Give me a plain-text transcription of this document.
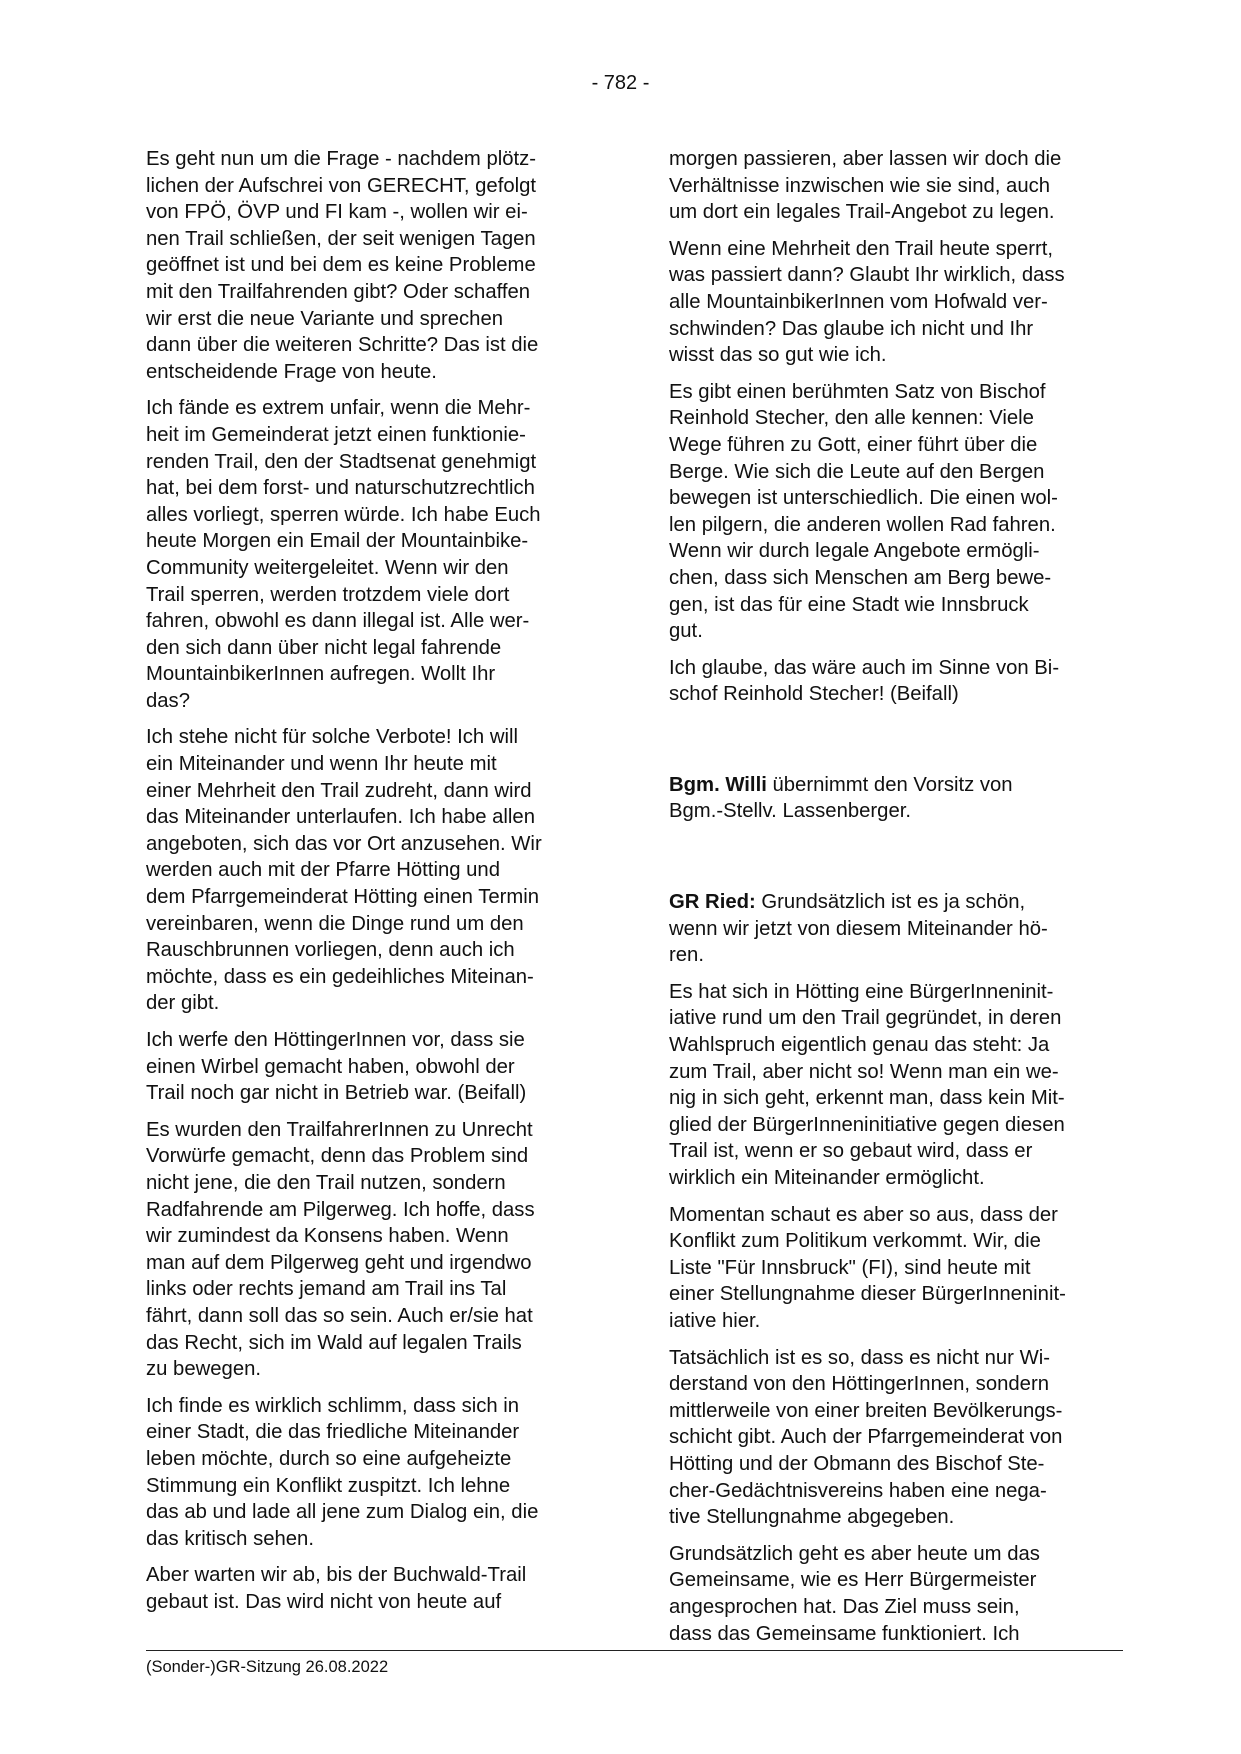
- 782 -

Es geht nun um die Frage - nachdem plötz-
lichen der Aufschrei von GERECHT, gefolgt
von FPÖ, ÖVP und FI kam -, wollen wir ei-
nen Trail schließen, der seit wenigen Tagen
geöffnet ist und bei dem es keine Probleme
mit den Trailfahrenden gibt? Oder schaffen
wir erst die neue Variante und sprechen
dann über die weiteren Schritte? Das ist die
entscheidende Frage von heute.

Ich fände es extrem unfair, wenn die Mehr-
heit im Gemeinderat jetzt einen funktionie-
renden Trail, den der Stadtsenat genehmigt
hat, bei dem forst- und naturschutzrechtlich
alles vorliegt, sperren würde. Ich habe Euch
heute Morgen ein Email der Mountainbike-
Community weitergeleitet. Wenn wir den
Trail sperren, werden trotzdem viele dort
fahren, obwohl es dann illegal ist. Alle wer-
den sich dann über nicht legal fahrende
MountainbikerInnen aufregen. Wollt Ihr
das?

Ich stehe nicht für solche Verbote! Ich will
ein Miteinander und wenn Ihr heute mit
einer Mehrheit den Trail zudreht, dann wird
das Miteinander unterlaufen. Ich habe allen
angeboten, sich das vor Ort anzusehen. Wir
werden auch mit der Pfarre Hötting und
dem Pfarrgemeinderat Hötting einen Termin
vereinbaren, wenn die Dinge rund um den
Rauschbrunnen vorliegen, denn auch ich
möchte, dass es ein gedeihliches Miteinan-
der gibt.

Ich werfe den HöttingerInnen vor, dass sie
einen Wirbel gemacht haben, obwohl der
Trail noch gar nicht in Betrieb war. (Beifall)

Es wurden den TrailfahrerInnen zu Unrecht
Vorwürfe gemacht, denn das Problem sind
nicht jene, die den Trail nutzen, sondern
Radfahrende am Pilgerweg. Ich hoffe, dass
wir zumindest da Konsens haben. Wenn
man auf dem Pilgerweg geht und irgendwo
links oder rechts jemand am Trail ins Tal
fährt, dann soll das so sein. Auch er/sie hat
das Recht, sich im Wald auf legalen Trails
zu bewegen.

Ich finde es wirklich schlimm, dass sich in
einer Stadt, die das friedliche Miteinander
leben möchte, durch so eine aufgeheizte
Stimmung ein Konflikt zuspitzt. Ich lehne
das ab und lade all jene zum Dialog ein, die
das kritisch sehen.

Aber warten wir ab, bis der Buchwald-Trail
gebaut ist. Das wird nicht von heute auf

morgen passieren, aber lassen wir doch die
Verhältnisse inzwischen wie sie sind, auch
um dort ein legales Trail-Angebot zu legen.

Wenn eine Mehrheit den Trail heute sperrt,
was passiert dann? Glaubt Ihr wirklich, dass
alle MountainbikerInnen vom Hofwald ver-
schwinden? Das glaube ich nicht und Ihr
wisst das so gut wie ich.

Es gibt einen berühmten Satz von Bischof
Reinhold Stecher, den alle kennen: Viele
Wege führen zu Gott, einer führt über die
Berge. Wie sich die Leute auf den Bergen
bewegen ist unterschiedlich. Die einen wol-
len pilgern, die anderen wollen Rad fahren.
Wenn wir durch legale Angebote ermögli-
chen, dass sich Menschen am Berg bewe-
gen, ist das für eine Stadt wie Innsbruck
gut.

Ich glaube, das wäre auch im Sinne von Bi-
schof Reinhold Stecher! (Beifall)

Bgm. Willi übernimmt den Vorsitz von
Bgm.-Stellv. Lassenberger.

GR Ried: Grundsätzlich ist es ja schön,
wenn wir jetzt von diesem Miteinander hö-
ren.

Es hat sich in Hötting eine BürgerInneninit-
iative rund um den Trail gegründet, in deren
Wahlspruch eigentlich genau das steht: Ja
zum Trail, aber nicht so! Wenn man ein we-
nig in sich geht, erkennt man, dass kein Mit-
glied der BürgerInneninitiative gegen diesen
Trail ist, wenn er so gebaut wird, dass er
wirklich ein Miteinander ermöglicht.

Momentan schaut es aber so aus, dass der
Konflikt zum Politikum verkommt. Wir, die
Liste "Für Innsbruck" (FI), sind heute mit
einer Stellungnahme dieser BürgerInneninit-
iative hier.

Tatsächlich ist es so, dass es nicht nur Wi-
derstand von den HöttingerInnen, sondern
mittlerweile von einer breiten Bevölkerungs-
schicht gibt. Auch der Pfarrgemeinderat von
Hötting und der Obmann des Bischof Ste-
cher-Gedächtnisvereins haben eine nega-
tive Stellungnahme abgegeben.

Grundsätzlich geht es aber heute um das
Gemeinsame, wie es Herr Bürgermeister
angesprochen hat. Das Ziel muss sein,
dass das Gemeinsame funktioniert. Ich

(Sonder-)GR-Sitzung 26.08.2022
